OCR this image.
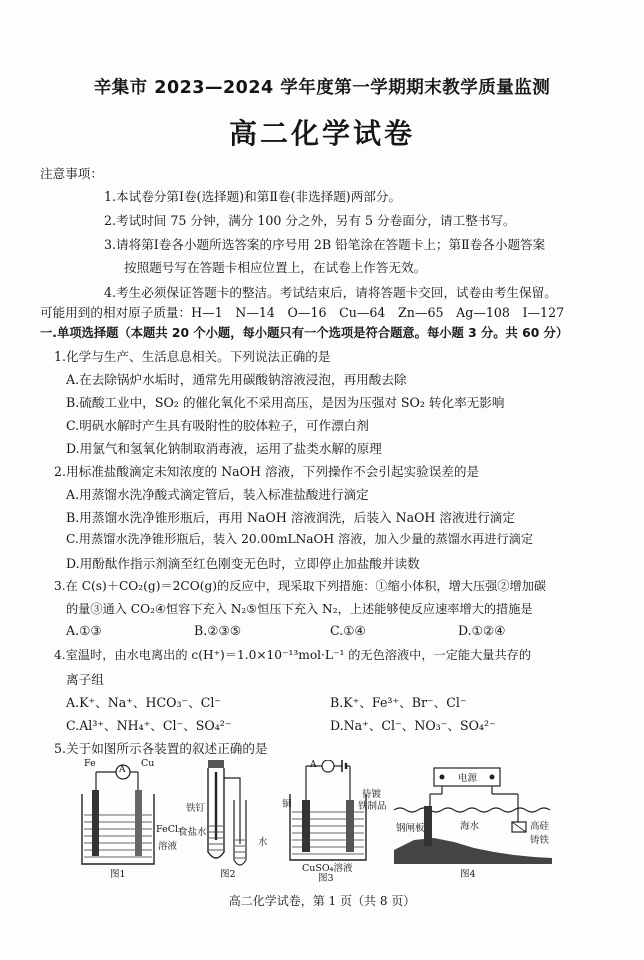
辛集市 2023—2024 学年度第一学期期末教学质量监测
高二化学试卷
注意事项：
1.本试卷分第Ⅰ卷(选择题)和第Ⅱ卷(非选择题)两部分。
2.考试时间 75 分钟，满分 100 分之外，另有 5 分卷面分，请工整书写。
3.请将第Ⅰ卷各小题所选答案的序号用 2B 铅笔涂在答题卡上；第Ⅱ卷各小题答案
按照题号写在答题卡相应位置上，在试卷上作答无效。
4.考生必须保证答题卡的整洁。考试结束后，请将答题卡交回，试卷由考生保留。
可能用到的相对原子质量：H—1　N—14　O—16　Cu—64　Zn—65　Ag—108　I—127
一.单项选择题（本题共 20 个小题，每小题只有一个选项是符合题意。每小题 3 分。共 60 分）
1.化学与生产、生活息息相关。下列说法正确的是
A.在去除锅炉水垢时，通常先用碳酸钠溶液浸泡，再用酸去除
B.硫酸工业中，SO₂ 的催化氧化不采用高压，是因为压强对 SO₂ 转化率无影响
C.明矾水解时产生具有吸附性的胶体粒子，可作漂白剂
D.用氯气和氢氧化钠制取消毒液，运用了盐类水解的原理
2.用标准盐酸滴定未知浓度的 NaOH 溶液，下列操作不会引起实验误差的是
A.用蒸馏水洗净酸式滴定管后，装入标准盐酸进行滴定
B.用蒸馏水洗净锥形瓶后，再用 NaOH 溶液润洗，后装入 NaOH 溶液进行滴定
C.用蒸馏水洗净锥形瓶后，装入 20.00mLNaOH 溶液，加入少量的蒸馏水再进行滴定
D.用酚酞作指示剂滴至红色刚变无色时，立即停止加盐酸并读数
3.在 C(s)＋CO₂(g)＝2CO(g)的反应中，现采取下列措施：①缩小体积，增大压强②增加碳
的量③通入 CO₂④恒容下充入 N₂⑤恒压下充入 N₂，上述能够使反应速率增大的措施是
A.①③	B.②③⑤	C.①④	D.①②④
4.室温时，由水电离出的 c(H⁺)＝1.0×10⁻¹³mol·L⁻¹ 的无色溶液中，一定能大量共存的
离子组
A.K⁺、Na⁺、HCO₃⁻、Cl⁻	B.K⁺、Fe³⁺、Br⁻、Cl⁻
C.Al³⁺、NH₄⁺、Cl⁻、SO₄²⁻	D.Na⁺、Cl⁻、NO₃⁻、SO₄²⁻
5.关于如图所示各装置的叙述正确的是
Fe
A
Cu
FeCl₃
溶液
图1
铁钉
食盐水
水
图2
A
铜
待镀
铁制品
CuSO₄溶液
图3
电源
钢闸板	海水	高硅
铸铁
图4
高二化学试卷，第 1 页（共 8 页）
